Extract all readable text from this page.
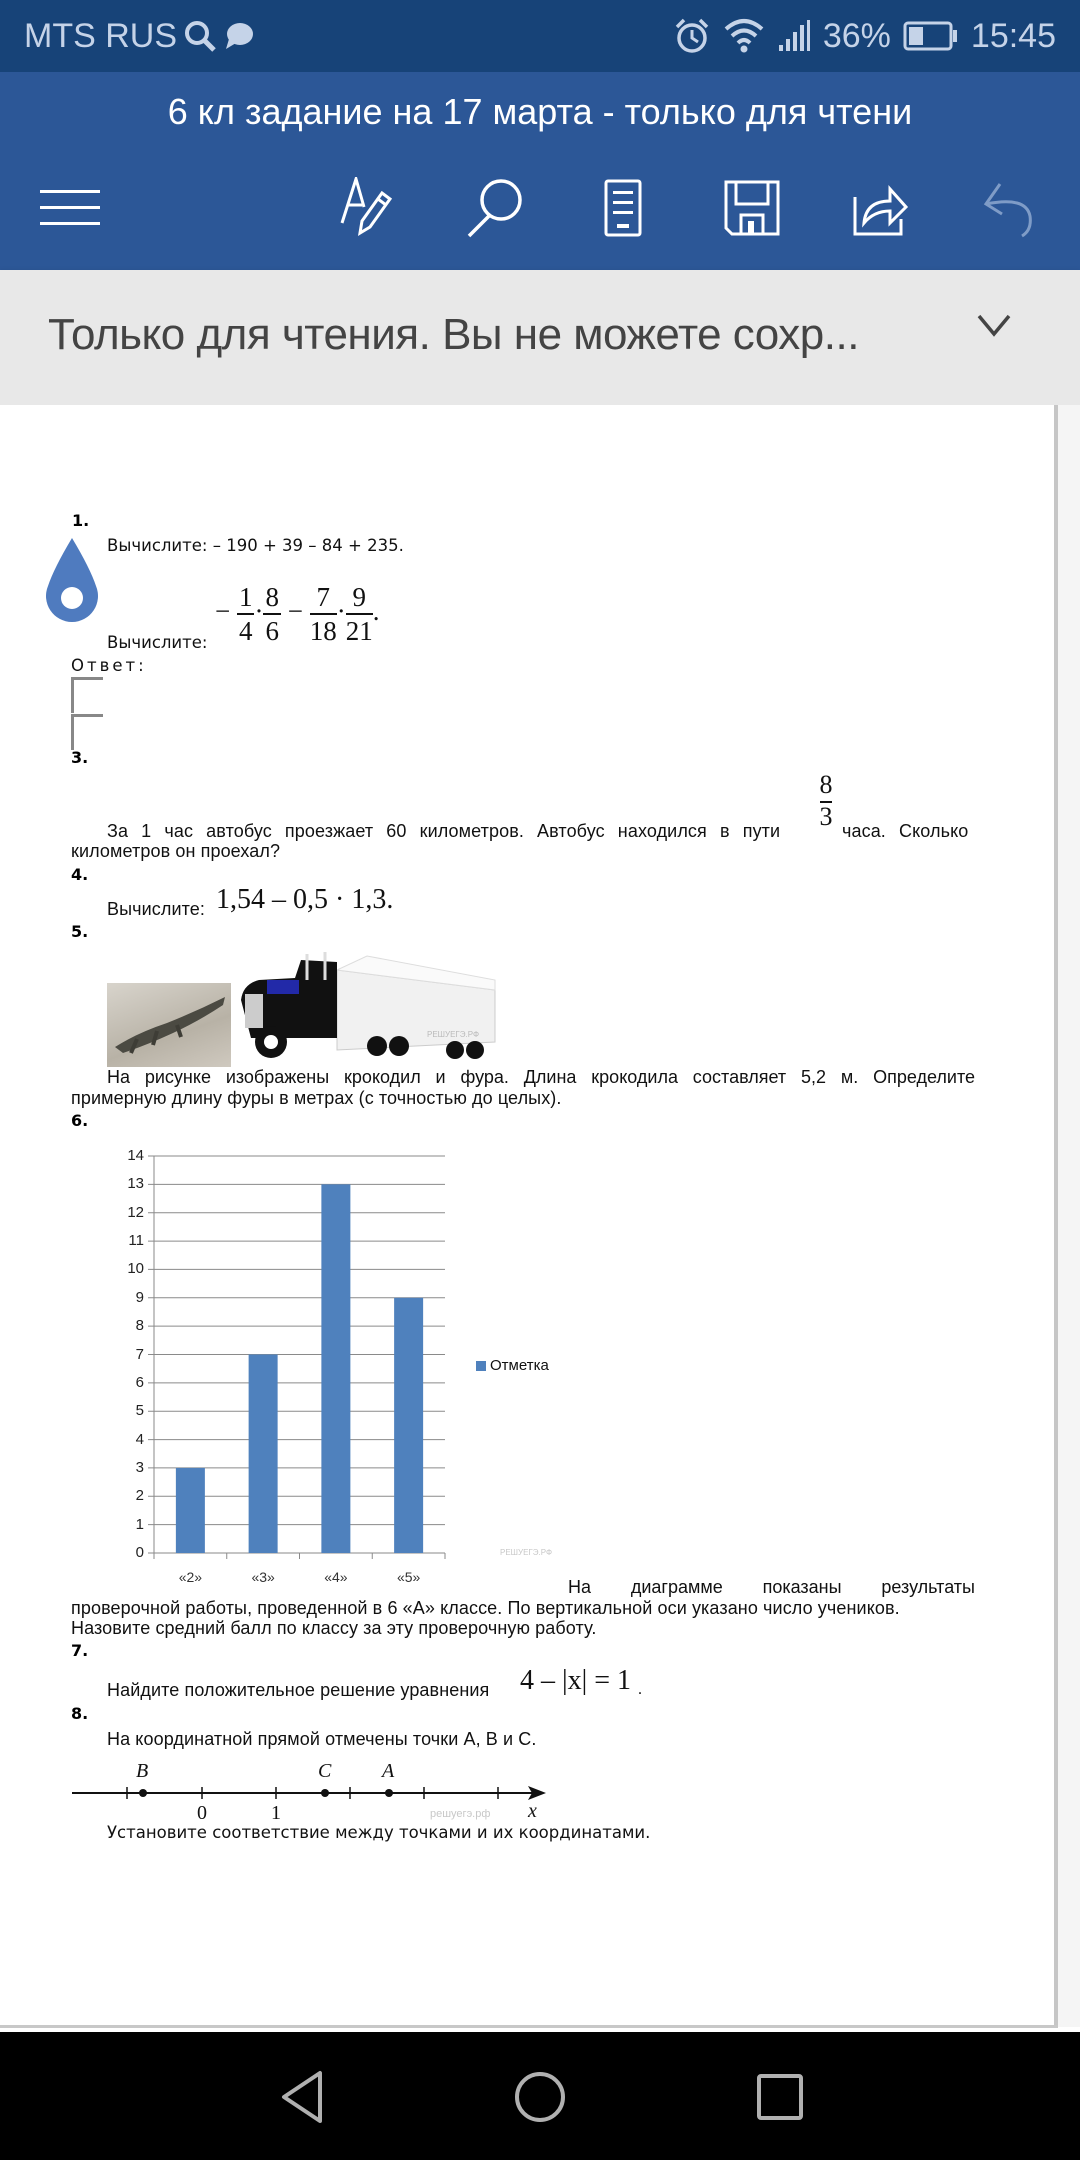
MTS RUS	36% 15:45
6 кл задание на 17 марта - только для чтени
Только для чтения. Вы не можете сохр...
1.
Вычислите: – 190 + 39 – 84 + 235.
Вычислите:
− $\frac{1}{4} \cdot \frac{8}{6} - \frac{7}{18} \cdot \frac{9}{21}$ .
Ответ:
3.
8
3
За 1 час автобус проезжает 60 километров. Автобус находился в пути	часа. Сколько
километров он проехал?
4.
Вычислите: 1,54 – 0,5 · 1,3.
5.
РЕШУЕГЭ.РФ
На рисунке изображены крокодил и фура. Длина крокодила составляет 5,2 м. Определите
примерную длину фуры в метрах (с точностью до целых).
6.
На диаграмме показаны результаты
проверочной работы, проведенной в 6 «А» классе. По вертикальной оси указано число учеников.
Назовите средний балл по классу за эту проверочную работу.
7.
Найдите положительное решение уравнения 4 – |x| = 1 .
8.
На координатной прямой отмечены точки А, В и С.
B	C	A
0	1	x
решуегэ.рф
Установите соответствие между точками и их координатами.
0
1
2
3
4
5
6
7
8
9
10
11
12
13
14
«2»	«3»	«4»	«5»
Отметка
РЕШУЕГЭ.РФ
